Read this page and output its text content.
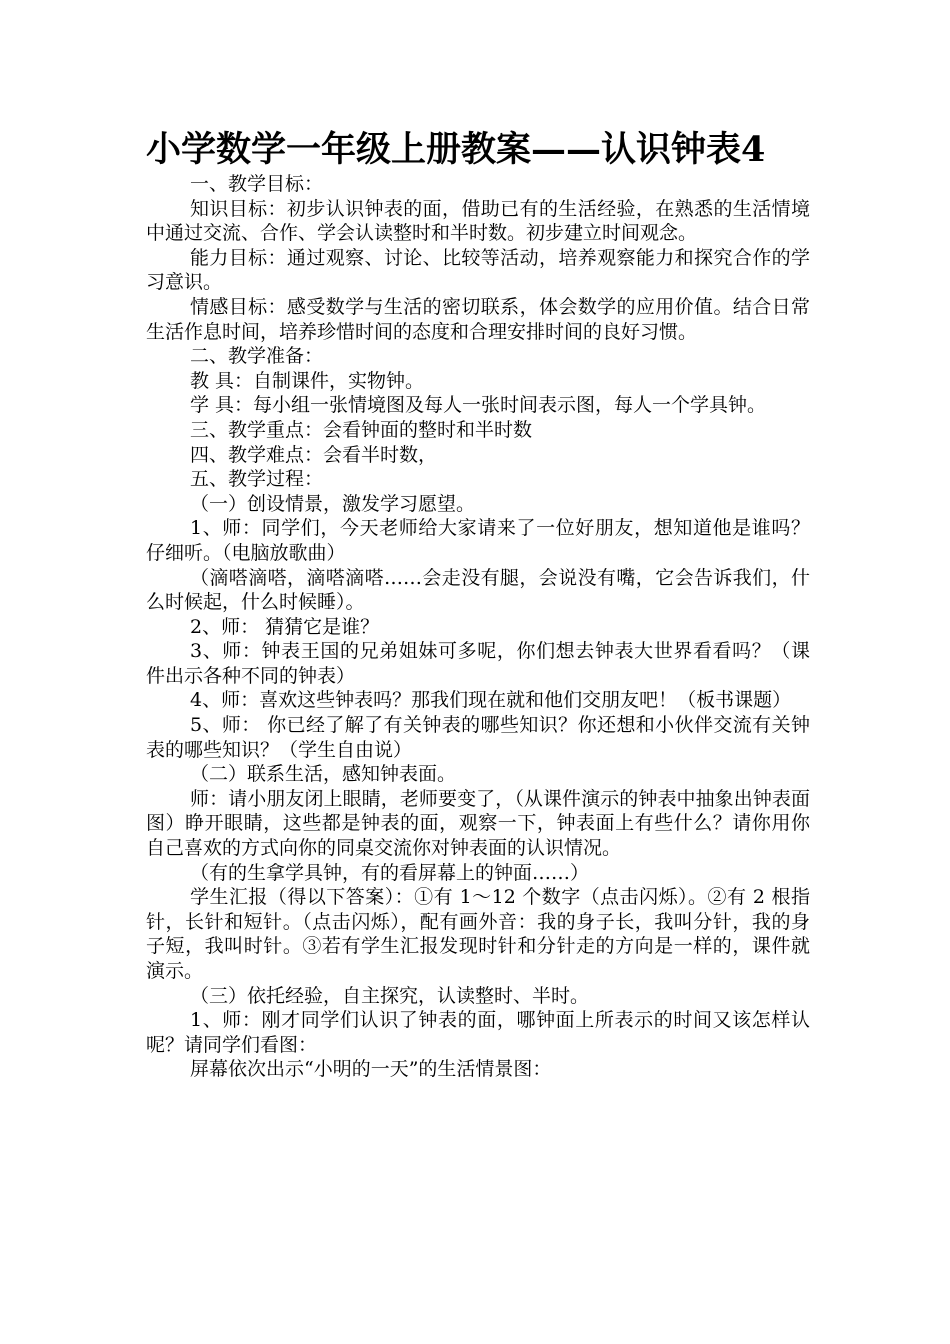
小学数学一年级上册教案——认识钟表4

一、教学目标：

知识目标：初步认识钟表的面，借助已有的生活经验，在熟悉的生活情境中通过交流、合作、学会认读整时和半时数。初步建立时间观念。

能力目标：通过观察、讨论、比较等活动，培养观察能力和探究合作的学习意识。

情感目标：感受数学与生活的密切联系，体会数学的应用价值。结合日常生活作息时间，培养珍惜时间的态度和合理安排时间的良好习惯。

二、教学准备：

教 具：自制课件，实物钟。

学 具：每小组一张情境图及每人一张时间表示图，每人一个学具钟。

三、教学重点：会看钟面的整时和半时数

四、教学难点：会看半时数，

五、教学过程：

（一）创设情景，激发学习愿望。

1、师：同学们，今天老师给大家请来了一位好朋友，想知道他是谁吗？仔细听。（电脑放歌曲）

（滴嗒滴嗒，滴嗒滴嗒……会走没有腿，会说没有嘴，它会告诉我们，什么时候起，什么时候睡）。

2、师： 猜猜它是谁？

3、师：钟表王国的兄弟姐妹可多呢，你们想去钟表大世界看看吗？（课件出示各种不同的钟表）

4、师：喜欢这些钟表吗？那我们现在就和他们交朋友吧！（板书课题）

5、师： 你已经了解了有关钟表的哪些知识？你还想和小伙伴交流有关钟表的哪些知识？（学生自由说）

（二）联系生活，感知钟表面。

师：请小朋友闭上眼睛，老师要变了，（从课件演示的钟表中抽象出钟表面图）睁开眼睛，这些都是钟表的面，观察一下，钟表面上有些什么？请你用你自己喜欢的方式向你的同桌交流你对钟表面的认识情况。

（有的生拿学具钟，有的看屏幕上的钟面……）

学生汇报（得以下答案）：①有 1～12 个数字（点击闪烁）。②有 2 根指针，长针和短针。（点击闪烁），配有画外音：我的身子长，我叫分针，我的身子短，我叫时针。③若有学生汇报发现时针和分针走的方向是一样的，课件就演示。

（三）依托经验，自主探究，认读整时、半时。

1、师：刚才同学们认识了钟表的面，哪钟面上所表示的时间又该怎样认呢？请同学们看图：

屏幕依次出示“小明的一天”的生活情景图：
